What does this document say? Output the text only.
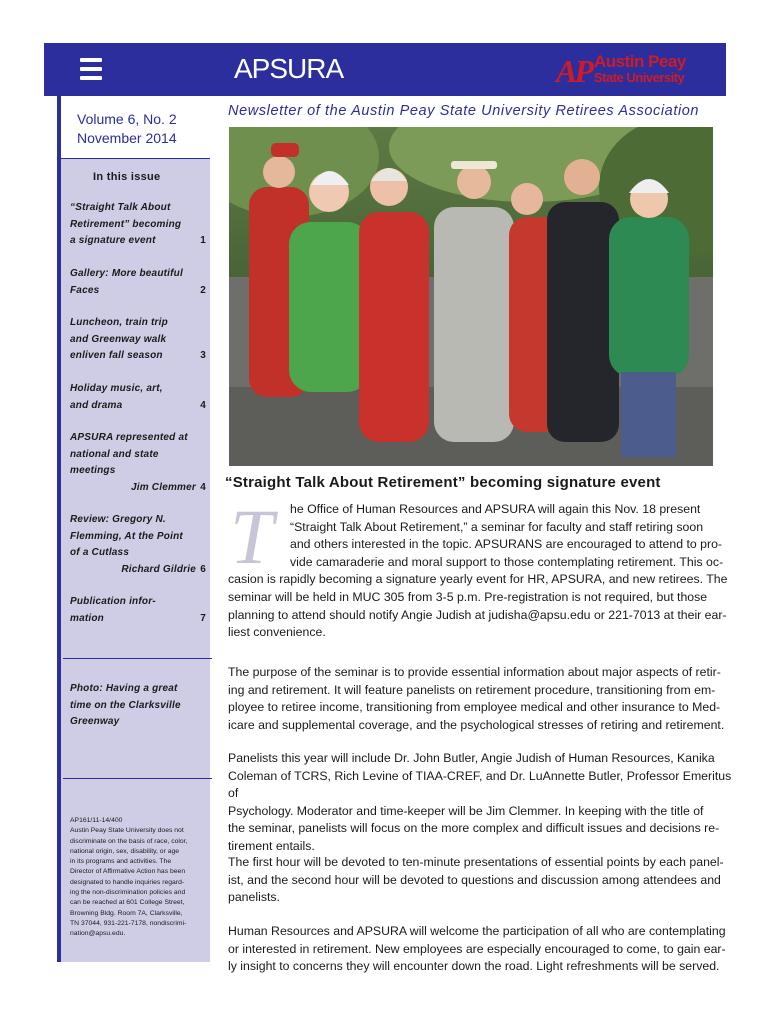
APSURA	AP Austin Peay
State University
Volume 6, No. 2
November 2014
In this issue
“Straight Talk About
Retirement” becoming
a signature event	1
Gallery: More beautiful
Faces	2
Luncheon, train trip
and Greenway walk
enliven fall season	3
Holiday music, art,
and drama	4
APSURA represented at
national and state
meetings
Jim Clemmer 4
Review: Gregory N.
Flemming, At the Point
of a Cutlass
Richard Gildrie 6
Publication infor-
mation	7
Photo: Having a great
time on the Clarksville
Greenway
AP161/11-14/400
Austin Peay State University does not
discriminate on the basis of race, color,
national origin, sex, disability, or age
in its programs and activities. The
Director of Affirmative Action has been
designated to handle inquiries regard-
ing the non-discrimination policies and
can be reached at 601 College Street,
Browning Bldg. Room 7A, Clarksville,
TN 37044, 931-221-7178, nondiscrimi-
nation@apsu.edu.
Newsletter of the Austin Peay State University Retirees Association
“Straight Talk About Retirement” becoming signature event
T	he Office of Human Resources and APSURA will again this Nov. 18 present
“Straight Talk About Retirement,” a seminar for faculty and staff retiring soon
and others interested in the topic. APSURANS are encouraged to attend to pro-
vide camaraderie and moral support to those contemplating retirement. This oc-
casion is rapidly becoming a signature yearly event for HR, APSURA, and new retirees. The
seminar will be held in MUC 305 from 3-5 p.m. Pre-registration is not required, but those
planning to attend should notify Angie Judish at judisha@apsu.edu or 221-7013 at their ear-
liest convenience.
The purpose of the seminar is to provide essential information about major aspects of retir-
ing and retirement. It will feature panelists on retirement procedure, transitioning from em-
ployee to retiree income, transitioning from employee medical and other insurance to Med-
icare and supplemental coverage, and the psychological stresses of retiring and retirement.
Panelists this year will include Dr. John Butler, Angie Judish of Human Resources, Kanika
Coleman of TCRS, Rich Levine of TIAA-CREF, and Dr. LuAnnette Butler, Professor Emeritus of
Psychology. Moderator and time-keeper will be Jim Clemmer. In keeping with the title of
the seminar, panelists will focus on the more complex and difficult issues and decisions re-
tirement entails.
The first hour will be devoted to ten-minute presentations of essential points by each panel-
ist, and the second hour will be devoted to questions and discussion among attendees and
panelists.
Human Resources and APSURA will welcome the participation of all who are contemplating
or interested in retirement. New employees are especially encouraged to come, to gain ear-
ly insight to concerns they will encounter down the road. Light refreshments will be served.
